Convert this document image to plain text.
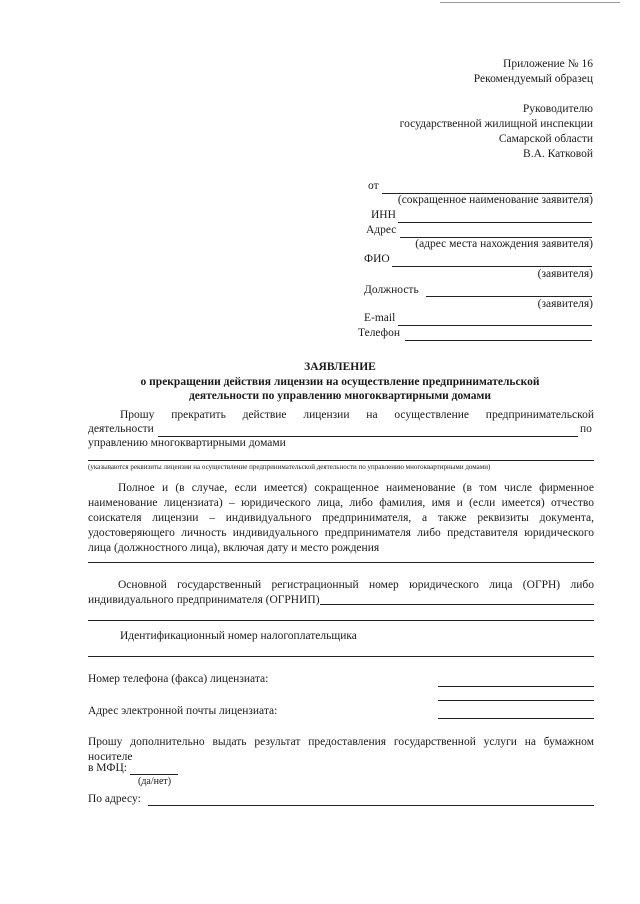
Приложение № 16
Рекомендуемый образец
Руководителю
государственной жилищной инспекции
Самарской области
В.А. Катковой
от
(сокращенное наименование заявителя)
ИНН
Адрес
(адрес места нахождения заявителя)
ФИО
(заявителя)
Должность
(заявителя)
E-mail
Телефон
ЗАЯВЛЕНИЕ
о прекращении действия лицензии на осуществление предпринимательской
деятельности по управлению многоквартирными домами
Прошу прекратить действие лицензии на осуществление предпринимательской
деятельности	по
управлению многоквартирными домами
(указываются реквизиты лицензии на осуществление предпринимательской деятельности по управлению многоквартирными домами)
Полное и (в случае, если имеется) сокращенное наименование (в том числе фирменное наименование лицензиата) – юридического лица, либо фамилия, имя и (если имеется) отчество соискателя лицензии – индивидуального предпринимателя, а также реквизиты документа, удостоверяющего личность индивидуального предпринимателя либо представителя юридического лица (должностного лица), включая дату и место рождения
Основной государственный регистрационный номер юридического лица (ОГРН) либо индивидуального предпринимателя (ОГРНИП)
Идентификационный номер налогоплательщика
Номер телефона (факса) лицензиата:
Адрес электронной почты лицензиата:
Прошу дополнительно выдать результат предоставления государственной услуги на бумажном носителе
в МФЦ:
(да/нет)
По адресу:
